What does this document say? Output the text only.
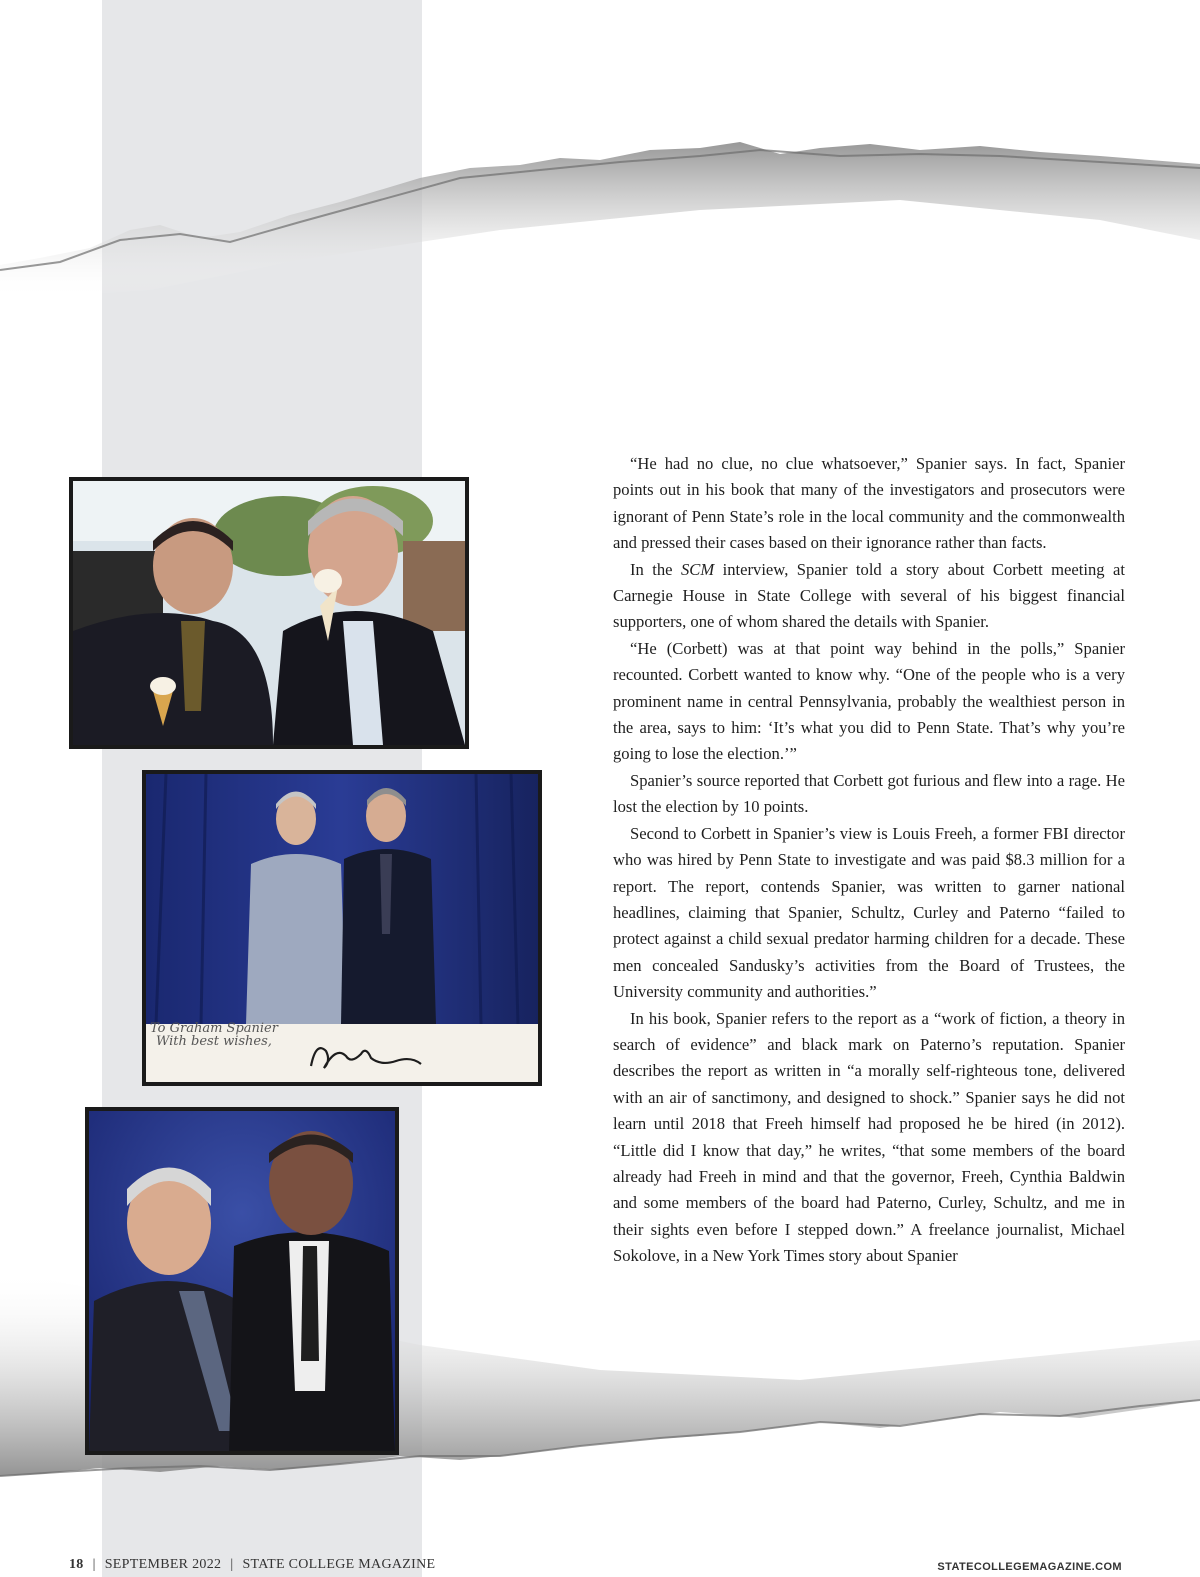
To Graham Spanier
With best wishes,

“He had no clue, no clue whatsoever,” Spanier says. In fact, Spanier points out in his book that many of the investigators and prosecutors were ignorant of Penn State’s role in the local community and the commonwealth and pressed their cases based on their ignorance rather than facts.

In the SCM interview, Spanier told a story about Corbett meeting at Carnegie House in State College with several of his biggest financial supporters, one of whom shared the details with Spanier.

“He (Corbett) was at that point way behind in the polls,” Spanier recounted. Corbett wanted to know why. “One of the people who is a very prominent name in central Pennsylvania, probably the wealthiest person in the area, says to him: ‘It’s what you did to Penn State. That’s why you’re going to lose the election.’”

Spanier’s source reported that Corbett got furious and flew into a rage. He lost the election by 10 points.

Second to Corbett in Spanier’s view is Louis Freeh, a former FBI director who was hired by Penn State to investigate and was paid $8.3 million for a report. The report, contends Spanier, was written to garner national headlines, claiming that Spanier, Schultz, Curley and Paterno “failed to protect against a child sexual predator harming children for a decade. These men concealed Sandusky’s activities from the Board of Trustees, the University community and authorities.”

In his book, Spanier refers to the report as a “work of fiction, a theory in search of evidence” and black mark on Paterno’s reputation. Spanier describes the report as written in “a morally self-righteous tone, delivered with an air of sanctimony, and designed to shock.” Spanier says he did not learn until 2018 that Freeh himself had proposed he be hired (in 2012). “Little did I know that day,” he writes, “that some members of the board already had Freeh in mind and that the governor, Freeh, Cynthia Baldwin and some members of the board had Paterno, Curley, Schultz, and me in their sights even before I stepped down.” A freelance journalist, Michael Sokolove, in a New York Times story about Spanier

18 | SEPTEMBER 2022 | STATE COLLEGE MAGAZINE	STATECOLLEGEMAGAZINE.COM
